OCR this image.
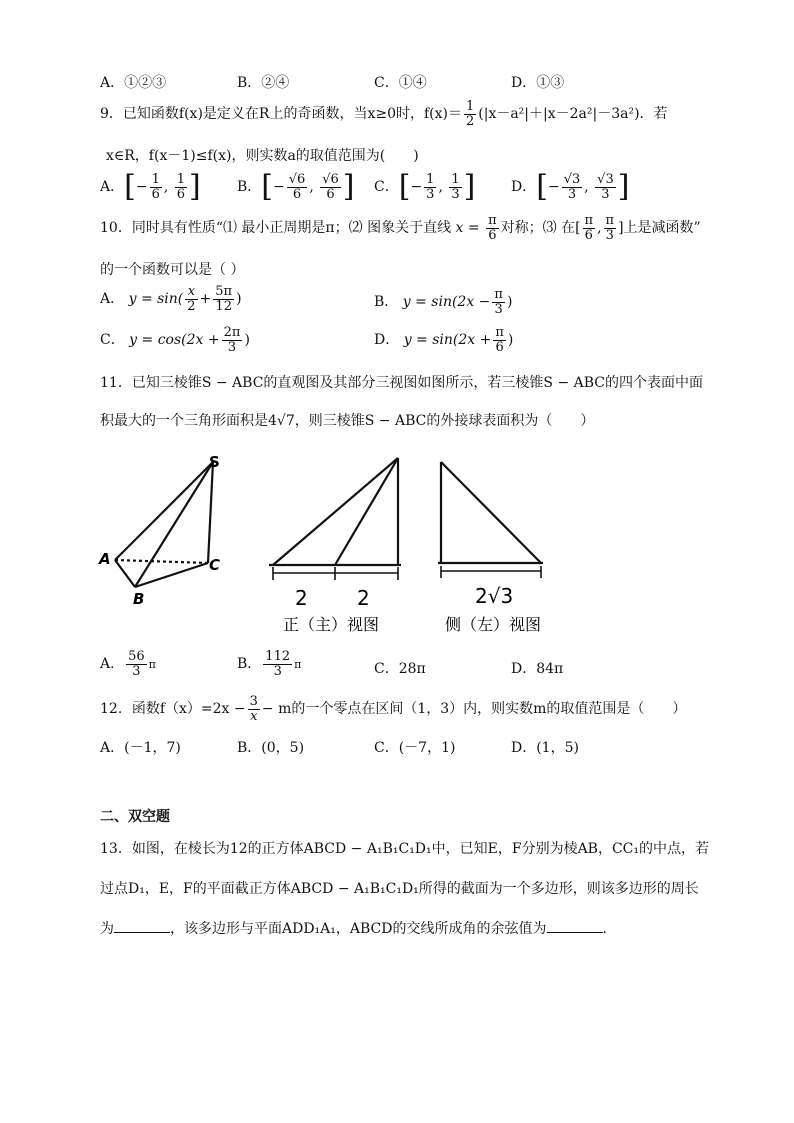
A．①②③	B．②④	C．①④	D．①③
9．已知函数f(x)是定义在R上的奇函数，当x≥0时，$f(x)= \frac{1}{2} (|x-a^2|+|x-2a^2|-3a^2)$．若
x∈R，f(x－1)≤f(x)，则实数a的取值范围为(　　)
A．[− $\frac{1}{6}$ , $\frac{1}{6}$ ]	B．[− $\frac{√6}{6}$ , $\frac{√6}{6}$ ] C．[− $\frac{1}{3}$ , $\frac{1}{3}$ ]	D．[− $\frac{√3}{3}$ , $\frac{√3}{3}$ ]
10．同时具有性质“⑴ 最小正周期是π；⑵ 图象关于直线 $x = \frac{\pi}{6}$ 对称；⑶ 在[ $\frac{\pi}{6}$ , $\frac{\pi}{3}$ ]上是减函数”
的一个函数可以是（ ）
A． $y = \sin( \frac{x}{2} + \frac{5\pi}{12}$ )	B． $y = \sin(2x - \frac{\pi}{3}$ )
C． $y = \cos(2x + \frac{2\pi}{3}$ )	D． $y = \sin(2x + \frac{\pi}{6}$ )
11．已知三棱锥S − ABC的直观图及其部分三视图如图所示，若三棱锥S − ABC的四个表面中面
积最大的一个三角形面积是4√7，则三棱锥S − ABC的外接球表面积为（　　）
S
A	C
B	2 2
正（主）视图
2√3
侧（左）视图
A． $\frac{56}{3}$ π	B． $\frac{112}{3}$ π	C．28π	D．84π
12．函数$f(x)=2x - \frac{3}{x} - m$的一个零点在区间（1，3）内，则实数m的取值范围是（　　）
A．(－1，7)	B．(0，5)	C．(－7，1)	D．(1，5)
二、双空题
13．如图，在棱长为12的正方体ABCD − A₁B₁C₁D₁中，已知E，F分别为棱AB，CC₁的中点，若
过点D₁，E，F的平面截正方体ABCD − A₁B₁C₁D₁所得的截面为一个多边形，则该多边形的周长
为	，该多边形与平面ADD₁A₁，ABCD的交线所成角的余弦值为	.
